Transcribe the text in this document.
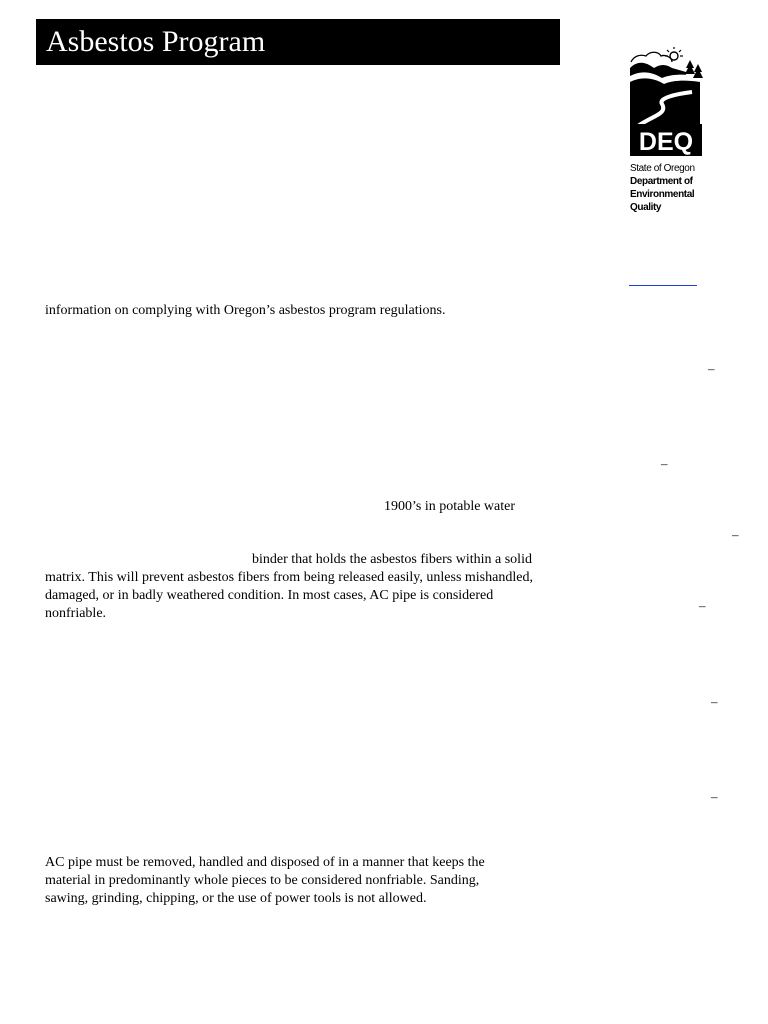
Asbestos Program
DEQ
State of Oregon
Department of
Environmental
Quality
information on complying with Oregon’s asbestos program regulations.
–
–
1900’s in potable water
–
binder that holds the asbestos fibers within a solid
matrix. This will prevent asbestos fibers from being released easily, unless mishandled,
damaged, or in badly weathered condition. In most cases, AC pipe is considered
nonfriable.
–
–
–
AC pipe must be removed, handled and disposed of in a manner that keeps the
material in predominantly whole pieces to be considered nonfriable. Sanding,
sawing, grinding, chipping, or the use of power tools is not allowed.
